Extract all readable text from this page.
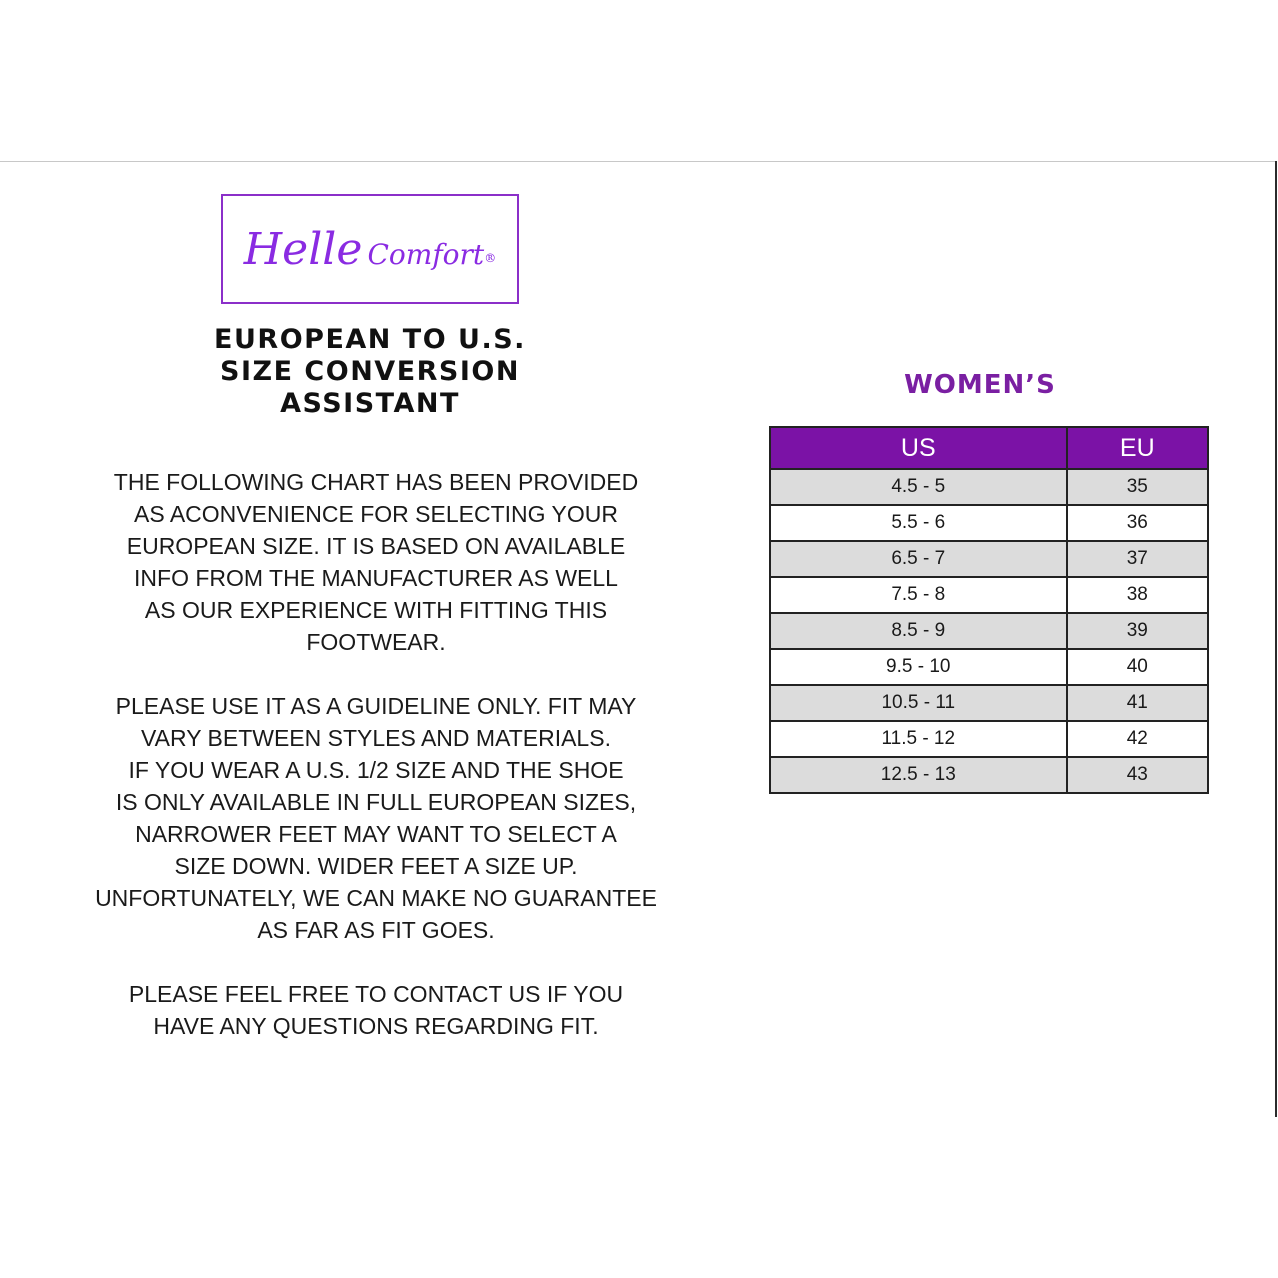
Helle Comfort®
EUROPEAN TO U.S.
SIZE CONVERSION
ASSISTANT
THE FOLLOWING CHART HAS BEEN PROVIDED
AS ACONVENIENCE FOR SELECTING YOUR
EUROPEAN SIZE. IT IS BASED ON AVAILABLE
INFO FROM THE MANUFACTURER AS WELL
AS OUR EXPERIENCE WITH FITTING THIS
FOOTWEAR.
PLEASE USE IT AS A GUIDELINE ONLY. FIT MAY
VARY BETWEEN STYLES AND MATERIALS.
IF YOU WEAR A U.S. 1/2 SIZE AND THE SHOE
IS ONLY AVAILABLE IN FULL EUROPEAN SIZES,
NARROWER FEET MAY WANT TO SELECT A
SIZE DOWN. WIDER FEET A SIZE UP.
UNFORTUNATELY, WE CAN MAKE NO GUARANTEE
AS FAR AS FIT GOES.
PLEASE FEEL FREE TO CONTACT US IF YOU
HAVE ANY QUESTIONS REGARDING FIT.
WOMEN’S
US	EU
4.5 - 5	35
5.5 - 6	36
6.5 - 7	37
7.5 - 8	38
8.5 - 9	39
9.5 - 10	40
10.5 - 11	41
11.5 - 12	42
12.5 - 13	43
